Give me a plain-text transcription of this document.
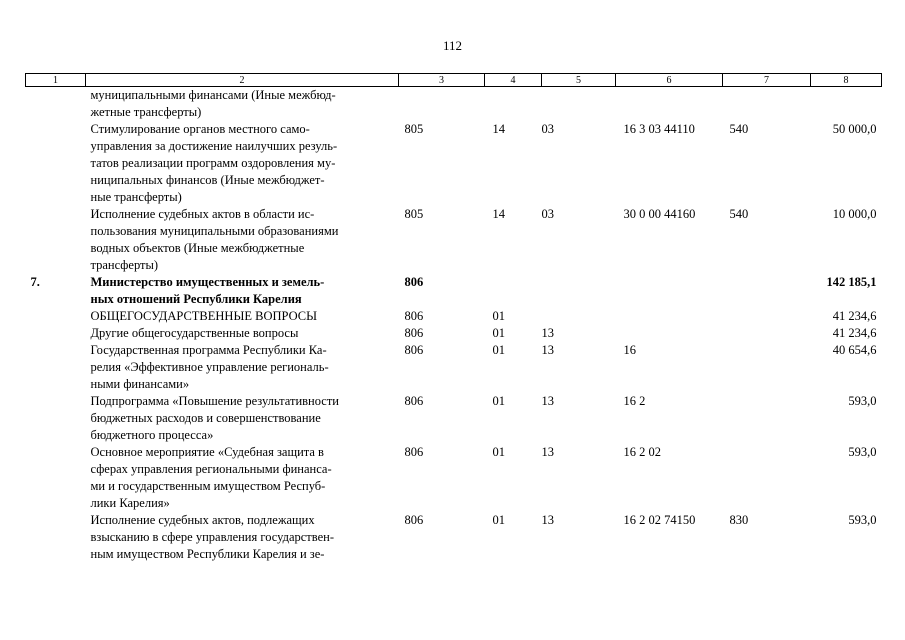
112
1	2	3	4	5	6	7	8

	муниципальными финансами (Иные межбюд-
жетные трансферты)						

	Стимулирование органов местного само-
управления за достижение наилучших резуль-
татов реализации программ оздоровления му-
ниципальных финансов (Иные межбюджет-
ные трансферты)	805	14	03	16 3 03 44110	540	50 000,0

	Исполнение судебных актов в области ис-
пользования муниципальными образованиями
водных объектов (Иные межбюджетные
трансферты)	805	14	03	30 0 00 44160	540	10 000,0
7.	Министерство имущественных и земель-
ных отношений Республики Карелия	806					142 185,1

	ОБЩЕГОСУДАРСТВЕННЫЕ ВОПРОСЫ	806	01				41 234,6

	Другие общегосударственные вопросы	806	01	13			41 234,6

	Государственная программа Республики Ка-
релия «Эффективное управление региональ-
ными финансами»	806	01	13	16		40 654,6

	Подпрограмма «Повышение результативности
бюджетных расходов и совершенствование
бюджетного процесса»	806	01	13	16 2		593,0

	Основное мероприятие «Судебная защита в
сферах управления региональными финанса-
ми и государственным имуществом Респуб-
лики Карелия»	806	01	13	16 2 02		593,0

	Исполнение судебных актов, подлежащих
взысканию в сфере управления государствен-
ным имуществом Республики Карелия и зе-	806	01	13	16 2 02 74150	830	593,0
